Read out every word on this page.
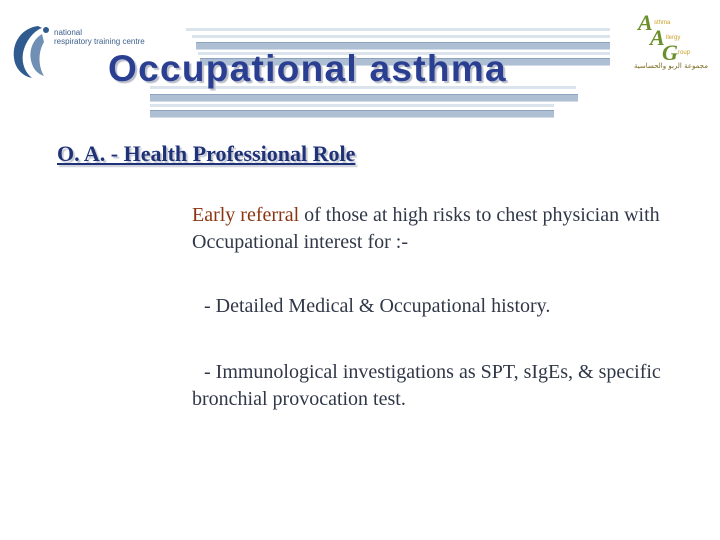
national
respiratory training centre
A sthma
A llergy
G roup
مجموعة الربو والحساسية
Occupational asthma
O. A. - Health Professional Role

Early referral of those at high risks to chest physician with Occupational interest for :-

- Detailed Medical & Occupational history.

- Immunological investigations as SPT, sIgEs, & specific bronchial provocation test.
